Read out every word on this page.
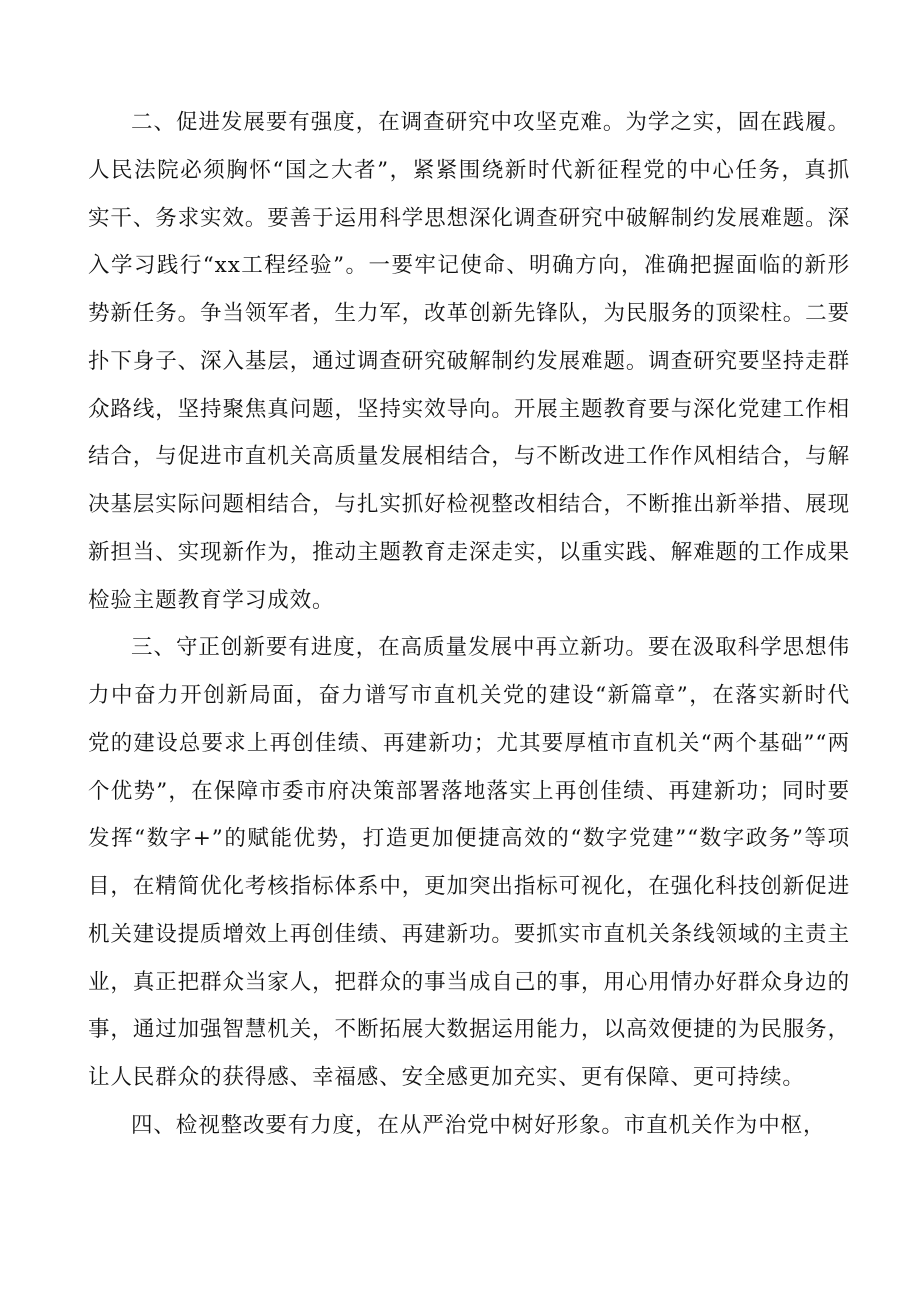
二、促进发展要有强度，在调查研究中攻坚克难。为学之实，固在践履。人民法院必须胸怀“国之大者”，紧紧围绕新时代新征程党的中心任务，真抓实干、务求实效。要善于运用科学思想深化调查研究中破解制约发展难题。深入学习践行“xx工程经验”。一要牢记使命、明确方向，准确把握面临的新形势新任务。争当领军者，生力军，改革创新先锋队，为民服务的顶梁柱。二要扑下身子、深入基层，通过调查研究破解制约发展难题。调查研究要坚持走群众路线，坚持聚焦真问题，坚持实效导向。开展主题教育要与深化党建工作相结合，与促进市直机关高质量发展相结合，与不断改进工作作风相结合，与解决基层实际问题相结合，与扎实抓好检视整改相结合，不断推出新举措、展现新担当、实现新作为，推动主题教育走深走实，以重实践、解难题的工作成果检验主题教育学习成效。

三、守正创新要有进度，在高质量发展中再立新功。要在汲取科学思想伟力中奋力开创新局面，奋力谱写市直机关党的建设“新篇章”，在落实新时代党的建设总要求上再创佳绩、再建新功；尤其要厚植市直机关“两个基础”“两个优势”，在保障市委市府决策部署落地落实上再创佳绩、再建新功；同时要发挥“数字+”的赋能优势，打造更加便捷高效的“数字党建”“数字政务”等项目，在精简优化考核指标体系中，更加突出指标可视化，在强化科技创新促进机关建设提质增效上再创佳绩、再建新功。要抓实市直机关条线领域的主责主业，真正把群众当家人，把群众的事当成自己的事，用心用情办好群众身边的事，通过加强智慧机关，不断拓展大数据运用能力，以高效便捷的为民服务，让人民群众的获得感、幸福感、安全感更加充实、更有保障、更可持续。

四、检视整改要有力度，在从严治党中树好形象。市直机关作为中枢，
